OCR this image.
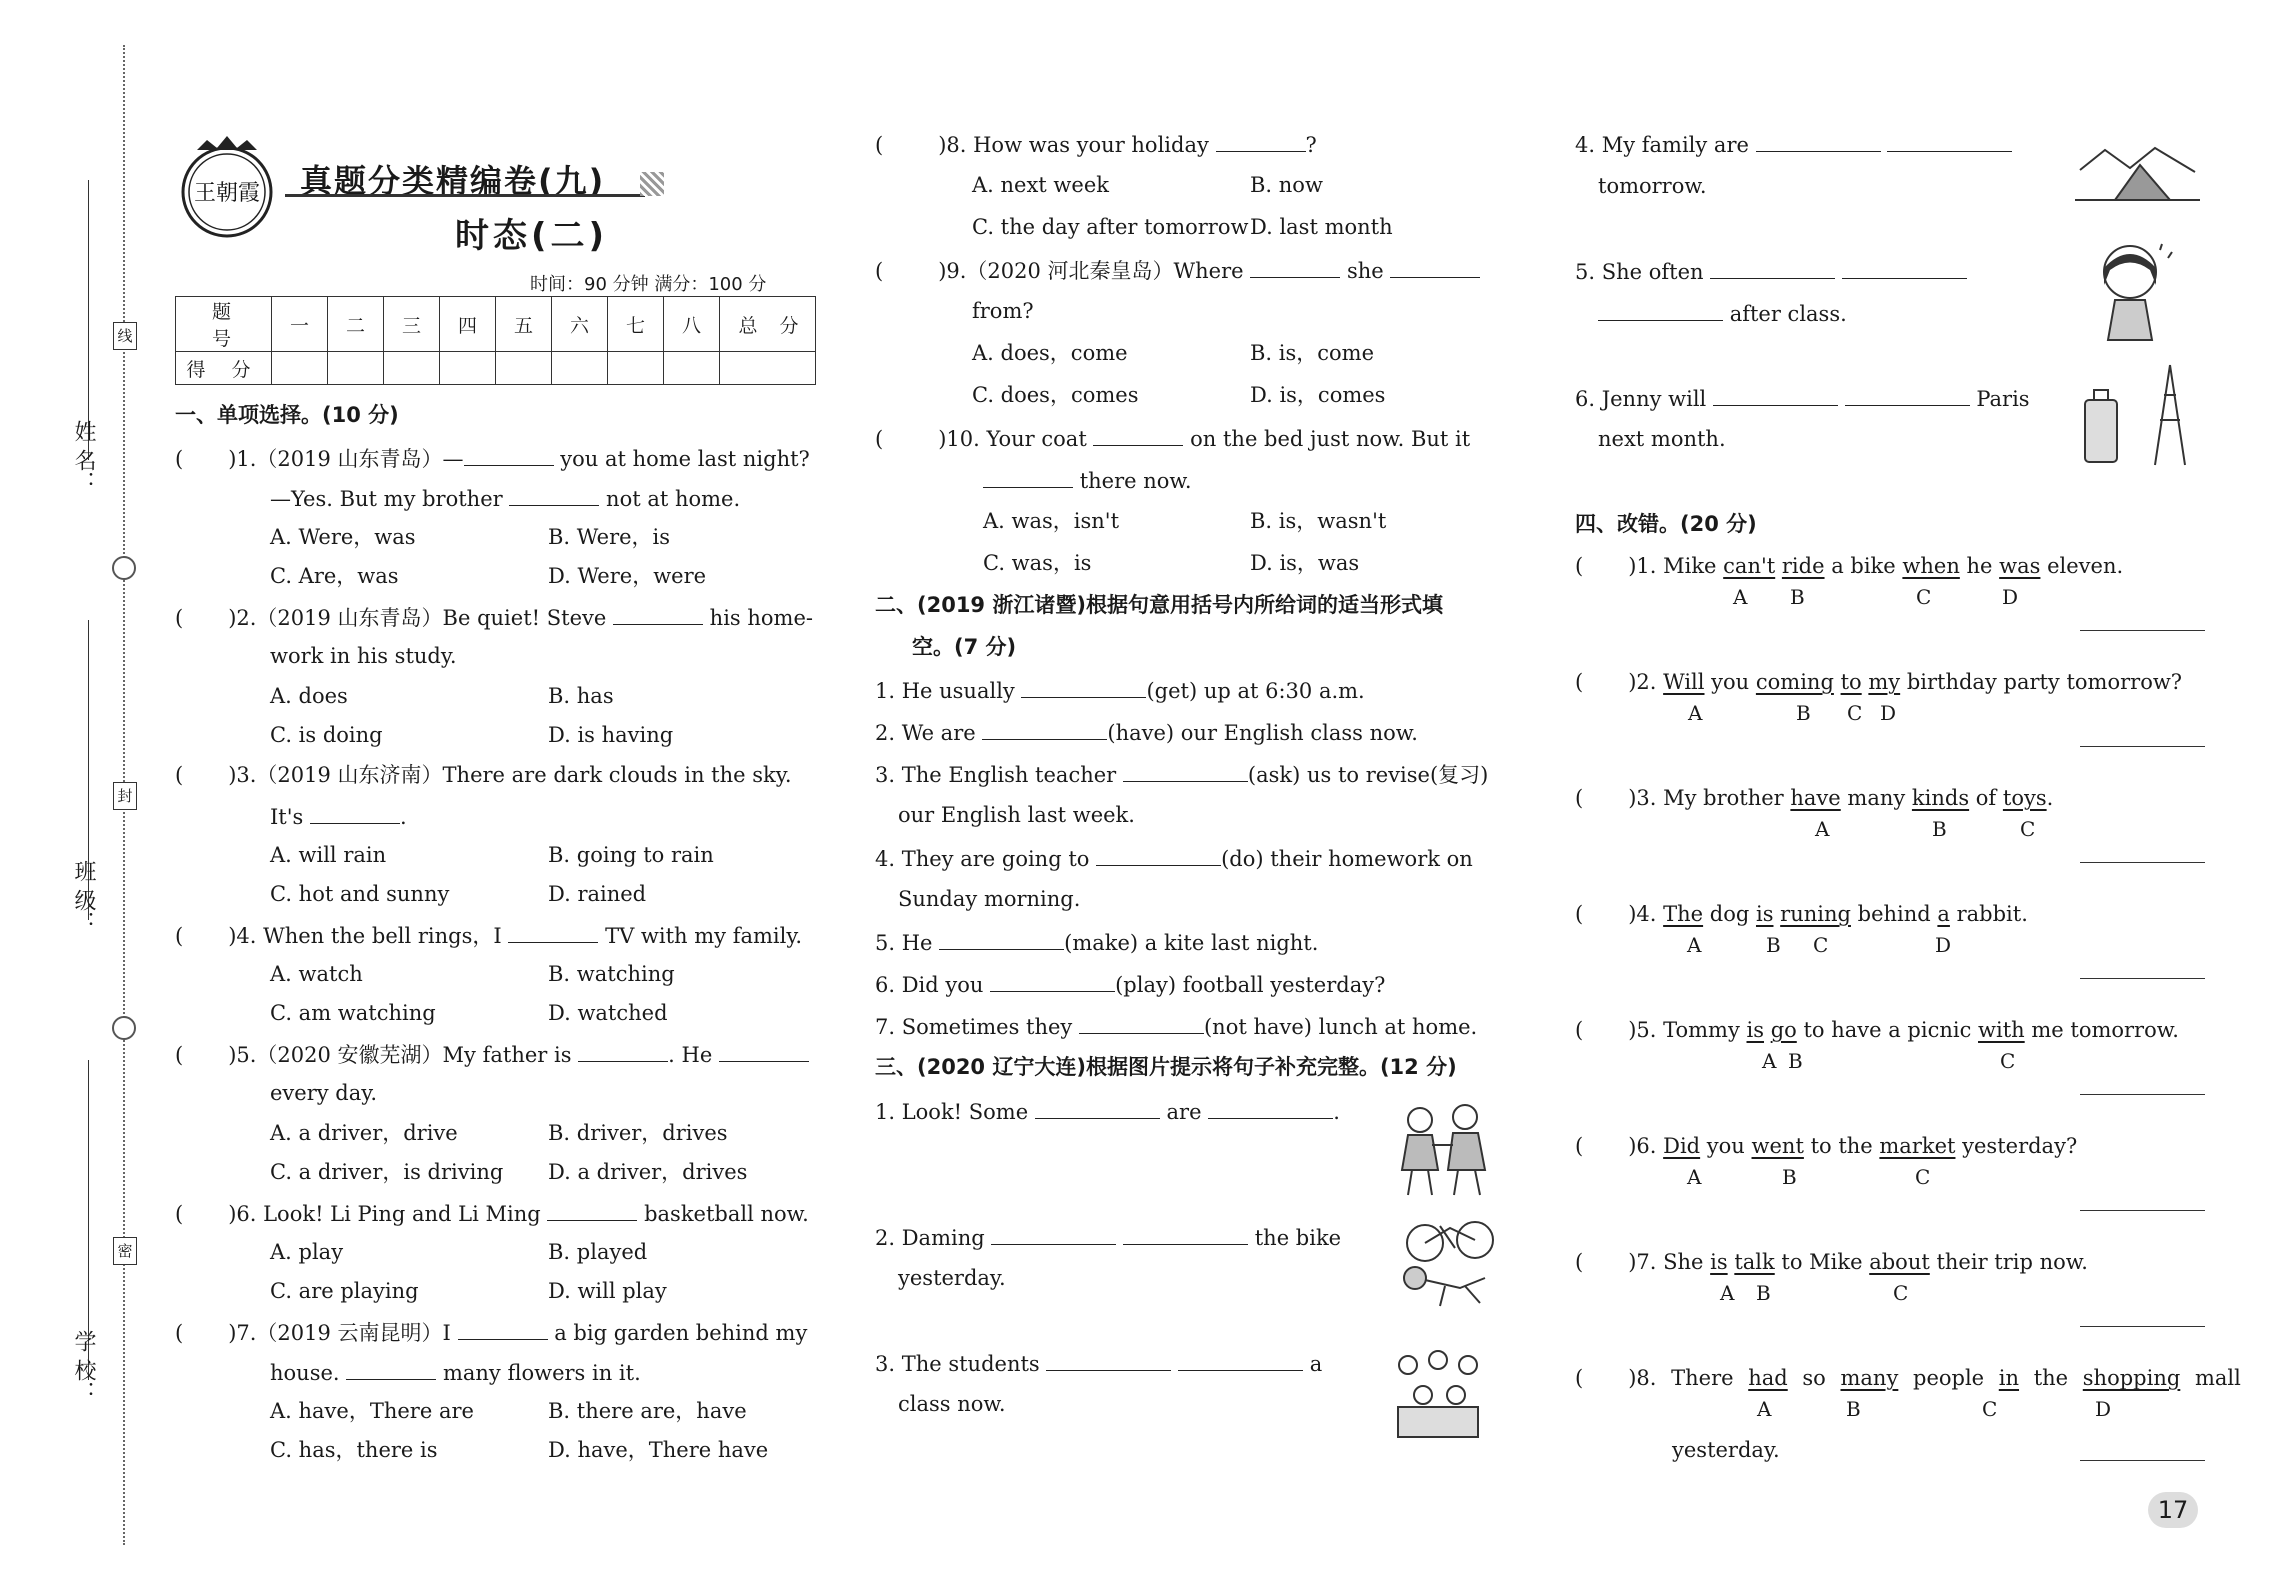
姓 名：
班 级：
学 校：
线
封
密
王朝霞 真题分类精编卷(九)
时态(二)
时间：90 分钟 满分：100 分
题 号	一	二	三	四	五	六	七	八	总 分
得 分									
一、单项选择。(10 分)
( )1.（2019 山东青岛）—	you at home last night?
—Yes. But my brother	not at home.
A. Were，was	B. Were，is
C. Are，was	D. Were，were
( )2.（2019 山东青岛）Be quiet! Steve	his home-
work in his study.
A. does	B. has
C. is doing	D. is having
( )3.（2019 山东济南）There are dark clouds in the sky.
It's	.
A. will rain	B. going to rain
C. hot and sunny	D. rained
( )4. When the bell rings，I	TV with my family.
A. watch	B. watching
C. am watching	D. watched
( )5.（2020 安徽芜湖）My father is	. He
every day.
A. a driver，drive	B. driver，drives
C. a driver，is driving D. a driver，drives
( )6. Look! Li Ping and Li Ming	basketball now.
A. play	B. played
C. are playing	D. will play
( )7.（2019 云南昆明）I	a big garden behind my
house.	many flowers in it.
A. have，There are	B. there are，have
C. has，there is	D. have，There have
(	)8. How was your holiday	?
A. next week	B. now
C. the day after tomorrow D. last month
(	)9.（2020 河北秦皇岛）Where	she
from?
A. does，come	B. is，come
C. does，comes	D. is，comes
(	)10. Your coat	on the bed just now. But it
there now.
A. was，isn't	B. is，wasn't
C. was，is	D. is，was
二、(2019 浙江诸暨)根据句意用括号内所给词的适当形式填
空。(7 分)
1. He usually	(get) up at 6:30 a.m.
2. We are	(have) our English class now.
3. The English teacher	(ask) us to revise(复习)
our English last week.
4. They are going to	(do) their homework on
Sunday morning.
5. He	(make) a kite last night.
6. Did you	(play) football yesterday?
7. Sometimes they	(not have) lunch at home.
三、(2020 辽宁大连)根据图片提示将句子补充完整。(12 分)
1. Look! Some	are	.
2. Daming	the bike
yesterday.
3. The students	a
class now.
4. My family are
tomorrow.
5. She often
after class.
6. Jenny will	Paris
next month.
四、改错。(20 分)
( )1. Mike can't ride a bike when he was eleven.
A B	C	D
( )2. Will you coming to my birthday party tomorrow?
A	B C D
( )3. My brother have many kinds of toys.
A	B	C
( )4. The dog is runing behind a rabbit.
A	B C	D
( )5. Tommy is go to have a picnic with me tomorrow.
A B	C
( )6. Did you went to the market yesterday?
A	B	C
( )7. She is talk to Mike about their trip now.
A B	C
( )8. There had so many people in the shopping mall
A	B	C	D
yesterday.
17
